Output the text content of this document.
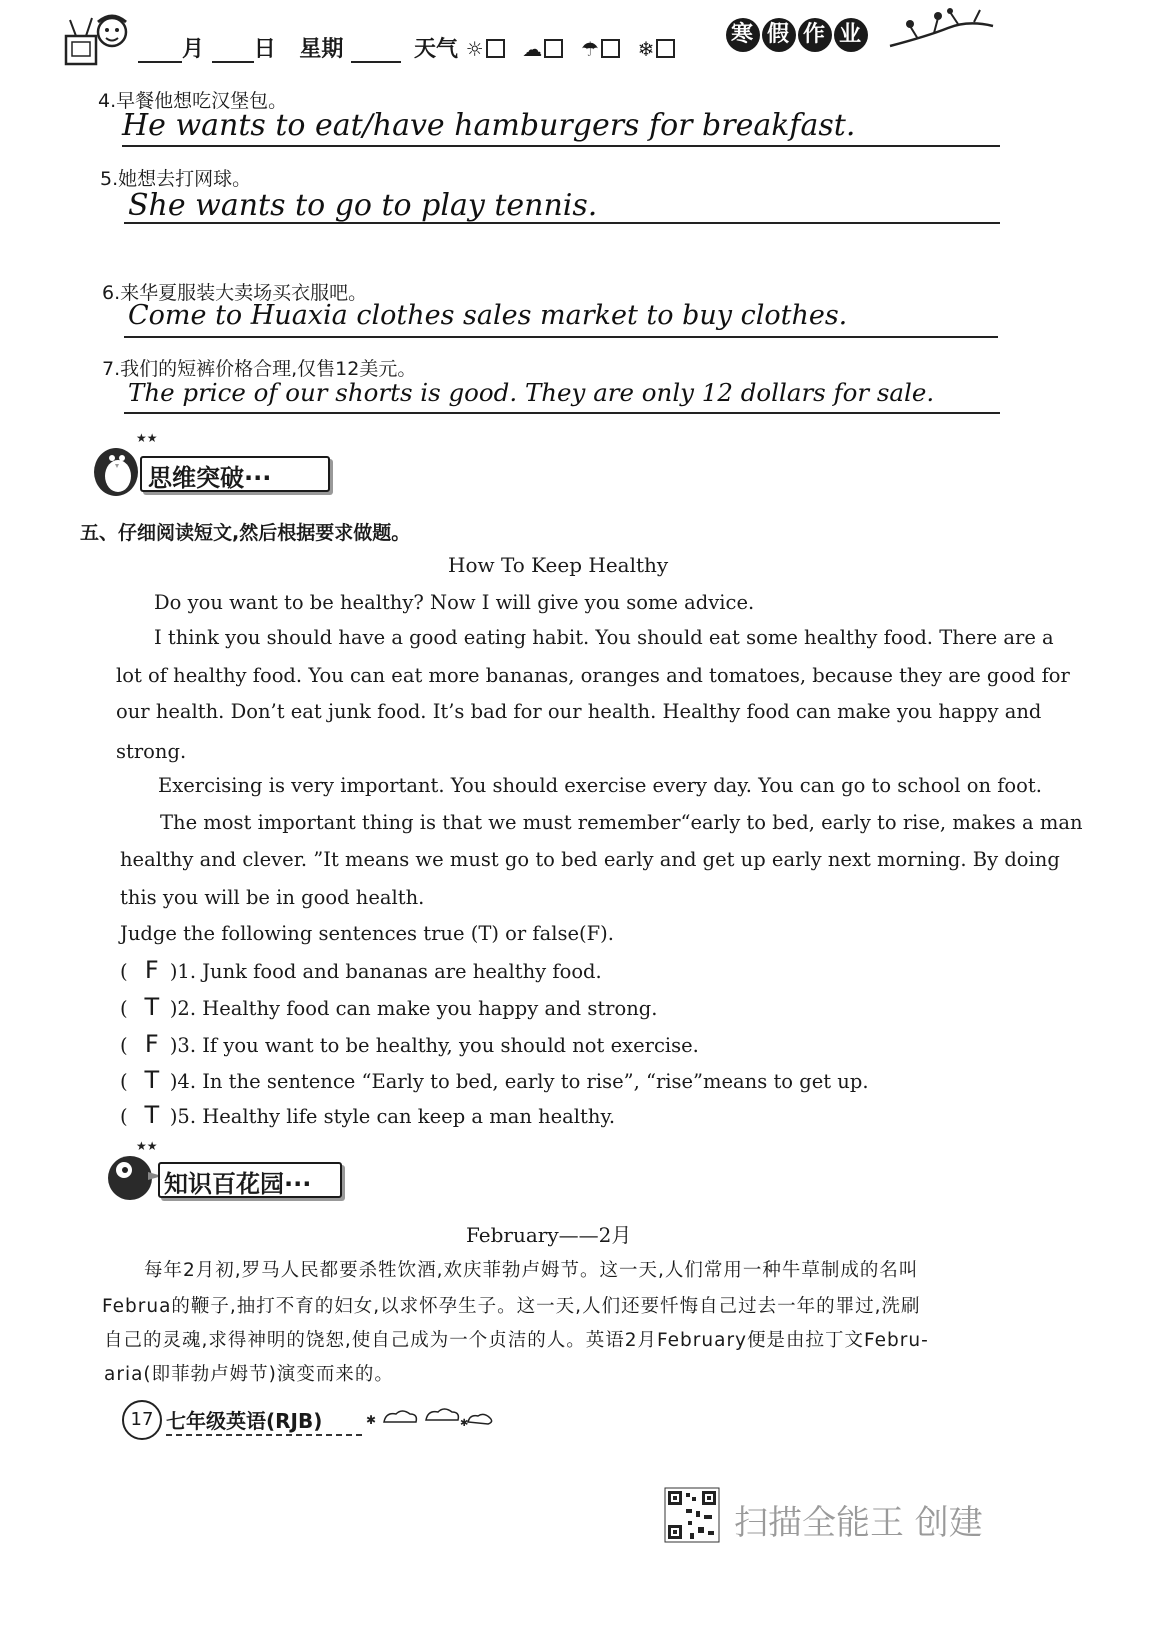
月 日 星期	天气 ☼ ☁ ☂ ❄
寒 假 作 业
4.早餐他想吃汉堡包。
He wants to eat/have hamburgers for breakfast.
5.她想去打网球。
She wants to go to play tennis.
6.来华夏服装大卖场买衣服吧。
Come to Huaxia clothes sales market to buy clothes.
7.我们的短裤价格合理,仅售12美元。
The price of our shorts is good. They are only 12 dollars for sale.
★★
思维突破···
五、仔细阅读短文,然后根据要求做题。
How To Keep Healthy
Do you want to be healthy? Now I will give you some advice.
I think you should have a good eating habit. You should eat some healthy food. There are a
lot of healthy food. You can eat more bananas, oranges and tomatoes, because they are good for
our health. Don’t eat junk food. It’s bad for our health. Healthy food can make you happy and
strong.
Exercising is very important. You should exercise every day. You can go to school on foot.
The most important thing is that we must remember“early to bed, early to rise, makes a man
healthy and clever. ”It means we must go to bed early and get up early next morning. By doing
this you will be in good health.
Judge the following sentences true (T) or false(F).
( F )1. Junk food and bananas are healthy food.
( T )2. Healthy food can make you happy and strong.
( F )3. If you want to be healthy, you should not exercise.
( T )4. In the sentence “Early to bed, early to rise”, “rise”means to get up.
( T )5. Healthy life style can keep a man healthy.
★★
知识百花园···
February——2月
每年2月初,罗马人民都要杀牲饮酒,欢庆菲勃卢姆节。这一天,人们常用一种牛草制成的名叫
Februa的鞭子,抽打不育的妇女,以求怀孕生子。这一天,人们还要忏悔自己过去一年的罪过,洗刷
自己的灵魂,求得神明的饶恕,使自己成为一个贞洁的人。英语2月February便是由拉丁文Febru-
aria(即菲勃卢姆节)演变而来的。
17 七年级英语(RJB)	✱	✱
扫描全能王 创建
